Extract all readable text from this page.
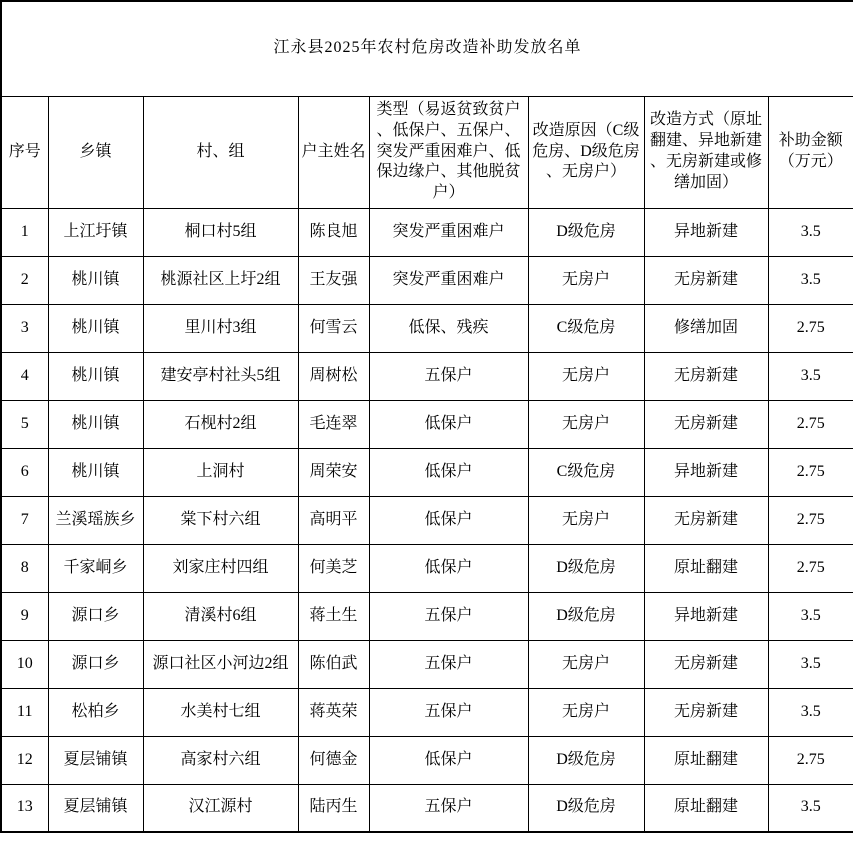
江永县2025年农村危房改造补助发放名单							
序号	乡镇	村、组	户主姓名	类型（易返贫致贫户、低保户、五保户、突发严重困难户、低保边缘户、其他脱贫户）	改造原因（C级危房、D级危房、无房户）	改造方式（原址翻建、异地新建、无房新建或修缮加固）	补助金额（万元）
1	上江圩镇	桐口村5组	陈良旭	突发严重困难户	D级危房	异地新建	3.5
2	桃川镇	桃源社区上圩2组	王友强	突发严重困难户	无房户	无房新建	3.5
3	桃川镇	里川村3组	何雪云	低保、残疾	C级危房	修缮加固	2.75
4	桃川镇	建安亭村社头5组	周树松	五保户	无房户	无房新建	3.5
5	桃川镇	石枧村2组	毛连翠	低保户	无房户	无房新建	2.75
6	桃川镇	上洞村	周荣安	低保户	C级危房	异地新建	2.75
7	兰溪瑶族乡	棠下村六组	高明平	低保户	无房户	无房新建	2.75
8	千家峒乡	刘家庄村四组	何美芝	低保户	D级危房	原址翻建	2.75
9	源口乡	清溪村6组	蒋土生	五保户	D级危房	异地新建	3.5
10	源口乡	源口社区小河边2组	陈伯武	五保户	无房户	无房新建	3.5
11	松柏乡	水美村七组	蒋英荣	五保户	无房户	无房新建	3.5
12	夏层铺镇	高家村六组	何德金	低保户	D级危房	原址翻建	2.75
13	夏层铺镇	汉江源村	陆丙生	五保户	D级危房	原址翻建	3.5
